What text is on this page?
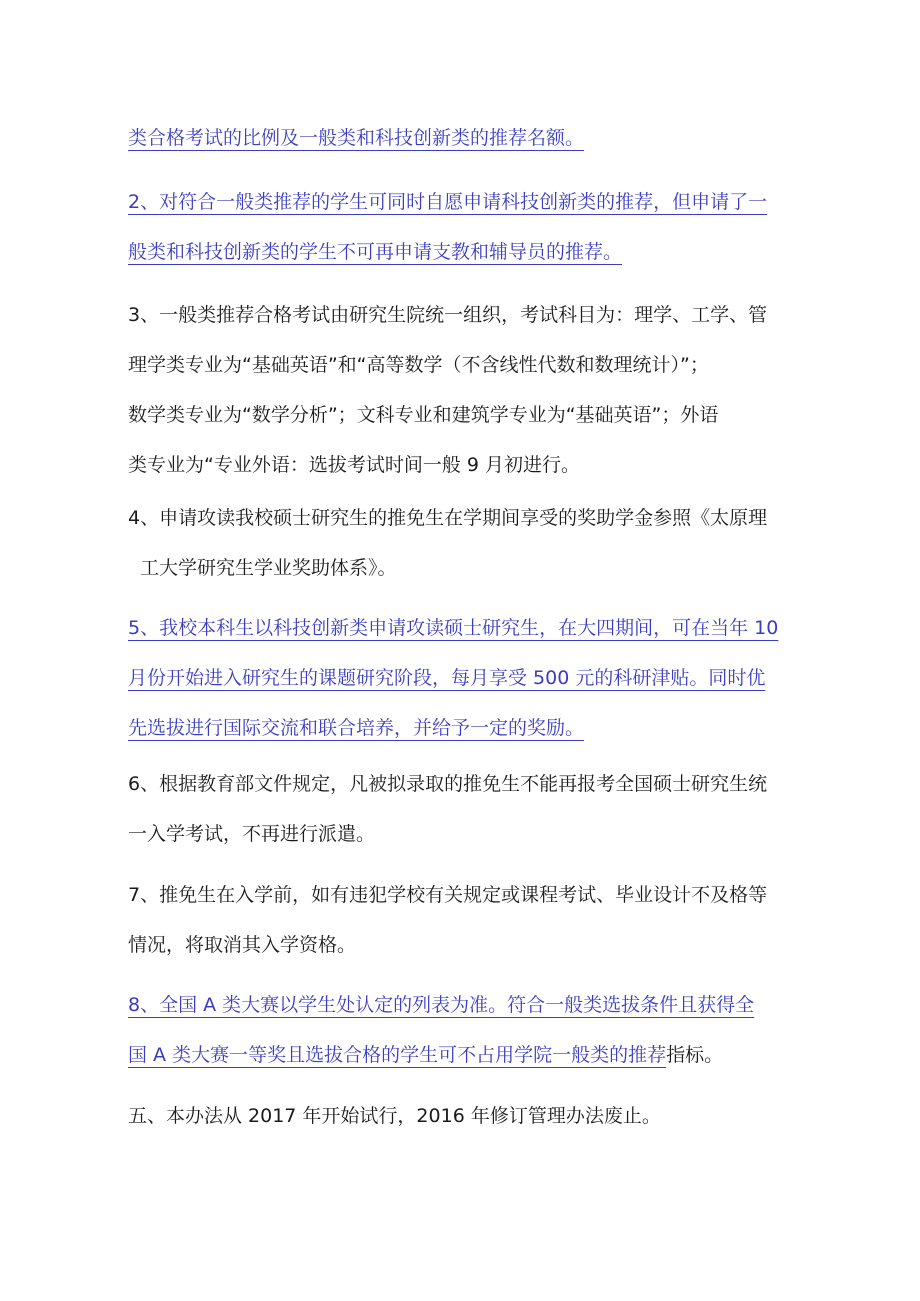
类合格考试的比例及一般类和科技创新类的推荐名额。
2、对符合一般类推荐的学生可同时自愿申请科技创新类的推荐，但申请了一
般类和科技创新类的学生不可再申请支教和辅导员的推荐。
3、一般类推荐合格考试由研究生院统一组织，考试科目为：理学、工学、管
理学类专业为“基础英语”和“高等数学（不含线性代数和数理统计）”；
数学类专业为“数学分析”；文科专业和建筑学专业为“基础英语”；外语
类专业为“专业外语：选拔考试时间一般 9 月初进行。
4、申请攻读我校硕士研究生的推免生在学期间享受的奖助学金参照《太原理
工大学研究生学业奖助体系》。
5、我校本科生以科技创新类申请攻读硕士研究生，在大四期间，可在当年 10
月份开始进入研究生的课题研究阶段，每月享受 500 元的科研津贴。同时优
先选拔进行国际交流和联合培养，并给予一定的奖励。
6、根据教育部文件规定，凡被拟录取的推免生不能再报考全国硕士研究生统
一入学考试，不再进行派遣。
7、推免生在入学前，如有违犯学校有关规定或课程考试、毕业设计不及格等
情况，将取消其入学资格。
8、全国 A 类大赛以学生处认定的列表为准。符合一般类选拔条件且获得全
国 A 类大赛一等奖且选拔合格的学生可不占用学院一般类的推荐指标。
五、本办法从 2017 年开始试行，2016 年修订管理办法废止。
